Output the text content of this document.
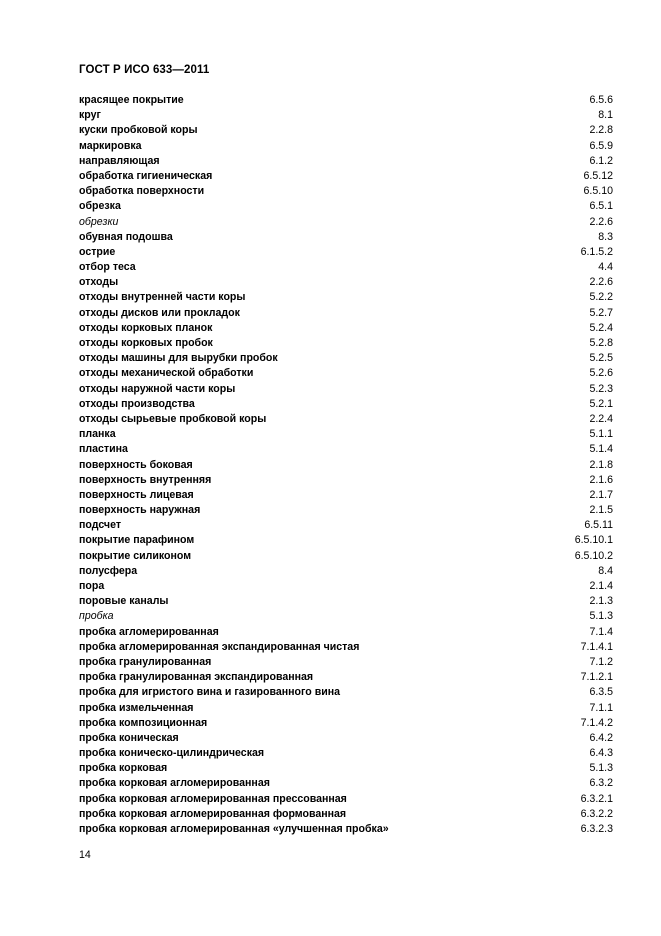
ГОСТ Р ИСО 633—2011
красящее покрытие	6.5.6
круг	8.1
куски пробковой коры	2.2.8
маркировка	6.5.9
направляющая	6.1.2
обработка гигиеническая	6.5.12
обработка поверхности	6.5.10
обрезка	6.5.1
обрезки	2.2.6
обувная подошва	8.3
острие	6.1.5.2
отбор теса	4.4
отходы	2.2.6
отходы внутренней части коры	5.2.2
отходы дисков или прокладок	5.2.7
отходы корковых планок	5.2.4
отходы корковых пробок	5.2.8
отходы машины для вырубки пробок	5.2.5
отходы механической обработки	5.2.6
отходы наружной части коры	5.2.3
отходы производства	5.2.1
отходы сырьевые пробковой коры	2.2.4
планка	5.1.1
пластина	5.1.4
поверхность боковая	2.1.8
поверхность внутренняя	2.1.6
поверхность лицевая	2.1.7
поверхность наружная	2.1.5
подсчет	6.5.11
покрытие парафином	6.5.10.1
покрытие силиконом	6.5.10.2
полусфера	8.4
пора	2.1.4
поровые каналы	2.1.3
пробка	5.1.3
пробка агломерированная	7.1.4
пробка агломерированная экспандированная чистая	7.1.4.1
пробка гранулированная	7.1.2
пробка гранулированная экспандированная	7.1.2.1
пробка для игристого вина и газированного вина	6.3.5
пробка измельченная	7.1.1
пробка композиционная	7.1.4.2
пробка коническая	6.4.2
пробка коническо-цилиндрическая	6.4.3
пробка корковая	5.1.3
пробка корковая агломерированная	6.3.2
пробка корковая агломерированная прессованная	6.3.2.1
пробка корковая агломерированная формованная	6.3.2.2
пробка корковая агломерированная «улучшенная пробка»	6.3.2.3
14
